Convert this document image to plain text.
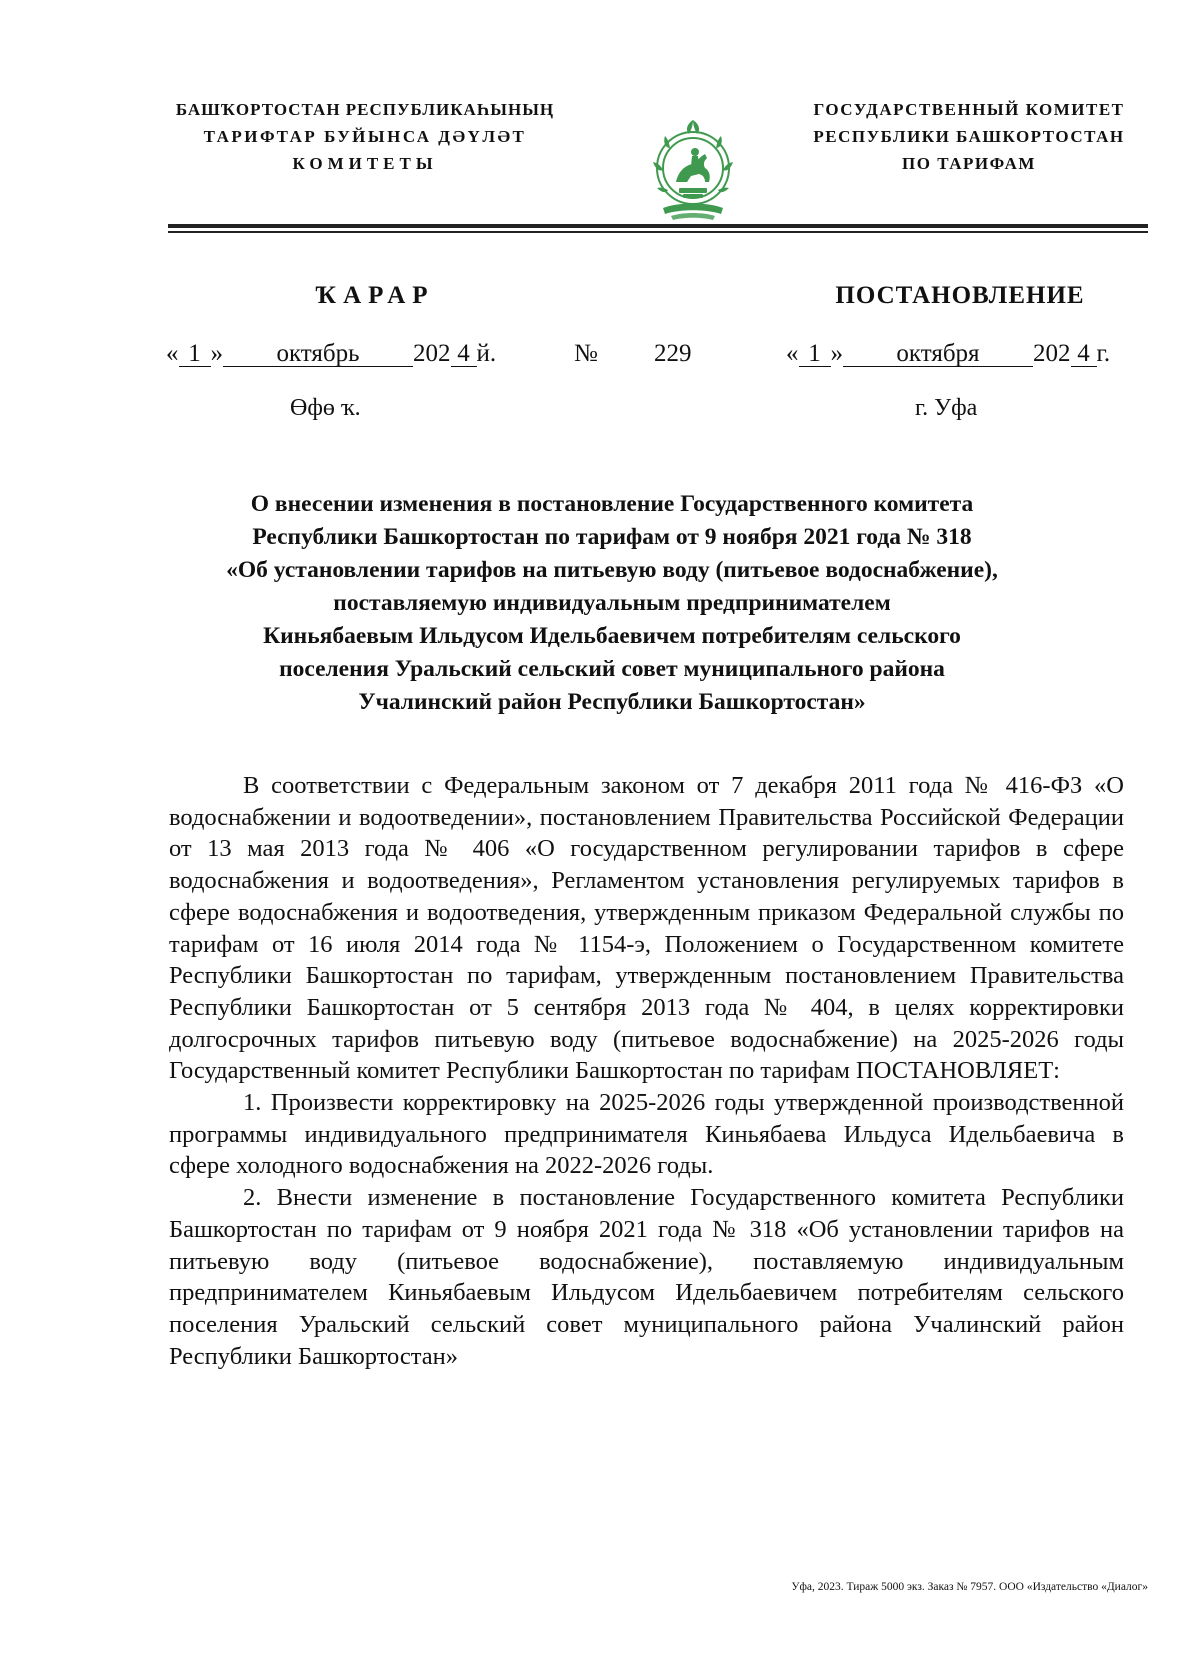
БАШҠОРТОСТАН РЕСПУБЛИКАҺЫНЫҢ
ТАРИФТАР БУЙЫНСА ДӘҮЛӘТ
КОМИТЕТЫ
ГОСУДАРСТВЕННЫЙ КОМИТЕТ
РЕСПУБЛИКИ БАШКОРТОСТАН
ПО ТАРИФАМ
ҠАРАР	ПОСТАНОВЛЕНИЕ
« 1 » октябрь 202 4 й.	№ 229	« 1 » октября 202 4 г.
Өфө ҡ.	г. Уфа
О внесении изменения в постановление Государственного комитета
Республики Башкортостан по тарифам от 9 ноября 2021 года № 318
«Об установлении тарифов на питьевую воду (питьевое водоснабжение),
поставляемую индивидуальным предпринимателем
Киньябаевым Ильдусом Идельбаевичем потребителям сельского
поселения Уральский сельский совет муниципального района
Учалинский район Республики Башкортостан»

В соответствии с Федеральным законом от 7 декабря 2011 года № 416-ФЗ «О водоснабжении и водоотведении», постановлением Правительства Российской Федерации от 13 мая 2013 года № 406 «О государственном регулировании тарифов в сфере водоснабжения и водоотведения», Регламентом установления регулируемых тарифов в сфере водоснабжения и водоотведения, утвержденным приказом Федеральной службы по тарифам от 16 июля 2014 года № 1154-э, Положением о Государственном комитете Республики Башкортостан по тарифам, утвержденным постановлением Правительства Республики Башкортостан от 5 сентября 2013 года № 404, в целях корректировки долгосрочных тарифов питьевую воду (питьевое водоснабжение) на 2025-2026 годы Государственный комитет Республики Башкортостан по тарифам ПОСТАНОВЛЯЕТ:

1. Произвести корректировку на 2025-2026 годы утвержденной производственной программы индивидуального предпринимателя Киньябаева Ильдуса Идельбаевича в сфере холодного водоснабжения на 2022-2026 годы.

2. Внести изменение в постановление Государственного комитета Республики Башкортостан по тарифам от 9 ноября 2021 года № 318 «Об установлении тарифов на питьевую воду (питьевое водоснабжение), поставляемую индивидуальным предпринимателем Киньябаевым Ильдусом Идельбаевичем потребителям сельского поселения Уральский сельский совет муниципального района Учалинский район Республики Башкортостан»

Уфа, 2023. Тираж 5000 экз. Заказ № 7957. ООО «Издательство «Диалог»
